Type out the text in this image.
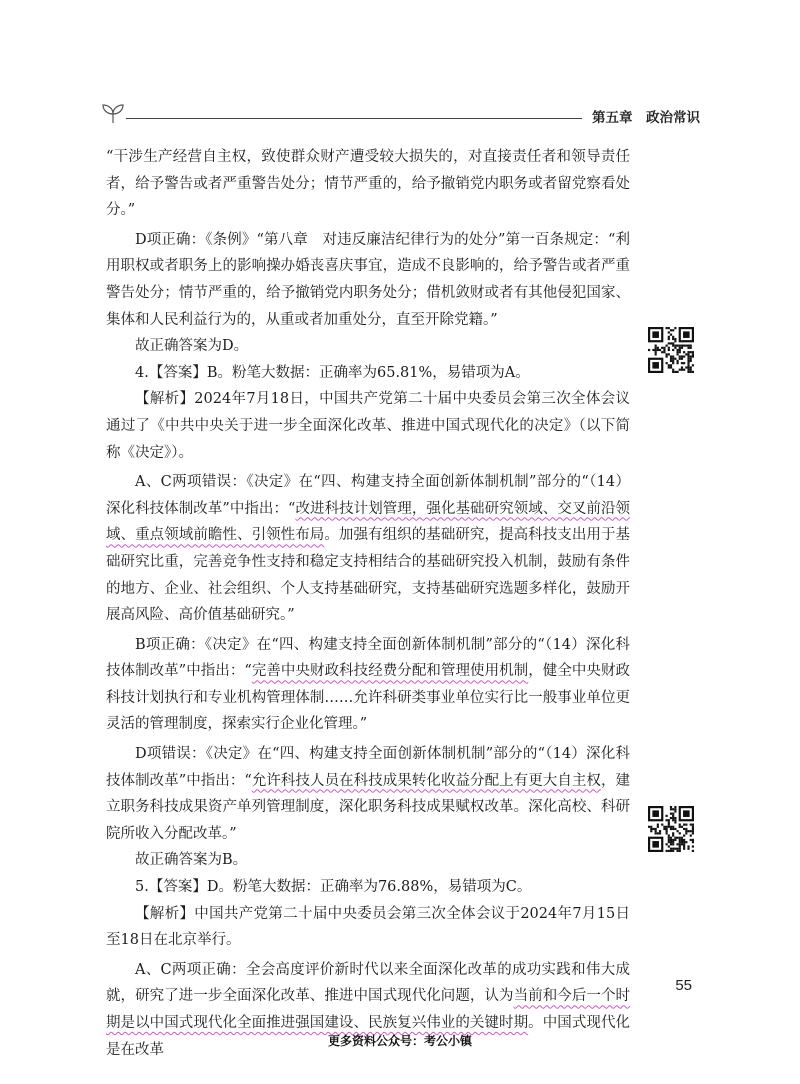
第五章　政治常识

“干涉生产经营自主权，致使群众财产遭受较大损失的，对直接责任者和领导责任者，给予警告或者严重警告处分；情节严重的，给予撤销党内职务或者留党察看处分。”

D项正确：《条例》“第八章　对违反廉洁纪律行为的处分”第一百条规定：“利用职权或者职务上的影响操办婚丧喜庆事宜，造成不良影响的，给予警告或者严重警告处分；情节严重的，给予撤销党内职务处分；借机敛财或者有其他侵犯国家、集体和人民利益行为的，从重或者加重处分，直至开除党籍。”

故正确答案为D。

4.【答案】B。粉笔大数据：正确率为65.81%，易错项为A。

【解析】2024年7月18日，中国共产党第二十届中央委员会第三次全体会议通过了《中共中央关于进一步全面深化改革、推进中国式现代化的决定》（以下简称《决定》）。

A、C两项错误：《决定》在“四、构建支持全面创新体制机制”部分的“（14）深化科技体制改革”中指出：“改进科技计划管理，强化基础研究领域、交叉前沿领域、重点领域前瞻性、引领性布局。加强有组织的基础研究，提高科技支出用于基础研究比重，完善竞争性支持和稳定支持相结合的基础研究投入机制，鼓励有条件的地方、企业、社会组织、个人支持基础研究，支持基础研究选题多样化，鼓励开展高风险、高价值基础研究。”

B项正确：《决定》在“四、构建支持全面创新体制机制”部分的“（14）深化科技体制改革”中指出：“完善中央财政科技经费分配和管理使用机制，健全中央财政科技计划执行和专业机构管理体制……允许科研类事业单位实行比一般事业单位更灵活的管理制度，探索实行企业化管理。”

D项错误：《决定》在“四、构建支持全面创新体制机制”部分的“（14）深化科技体制改革”中指出：“允许科技人员在科技成果转化收益分配上有更大自主权，建立职务科技成果资产单列管理制度，深化职务科技成果赋权改革。深化高校、科研院所收入分配改革。”

故正确答案为B。

5.【答案】D。粉笔大数据：正确率为76.88%，易错项为C。

【解析】中国共产党第二十届中央委员会第三次全体会议于2024年7月15日至18日在北京举行。

A、C两项正确：全会高度评价新时代以来全面深化改革的成功实践和伟大成就，研究了进一步全面深化改革、推进中国式现代化问题，认为当前和今后一个时期是以中国式现代化全面推进强国建设、民族复兴伟业的关键时期。中国式现代化是在改革

55
更多资料公众号：考公小镇
